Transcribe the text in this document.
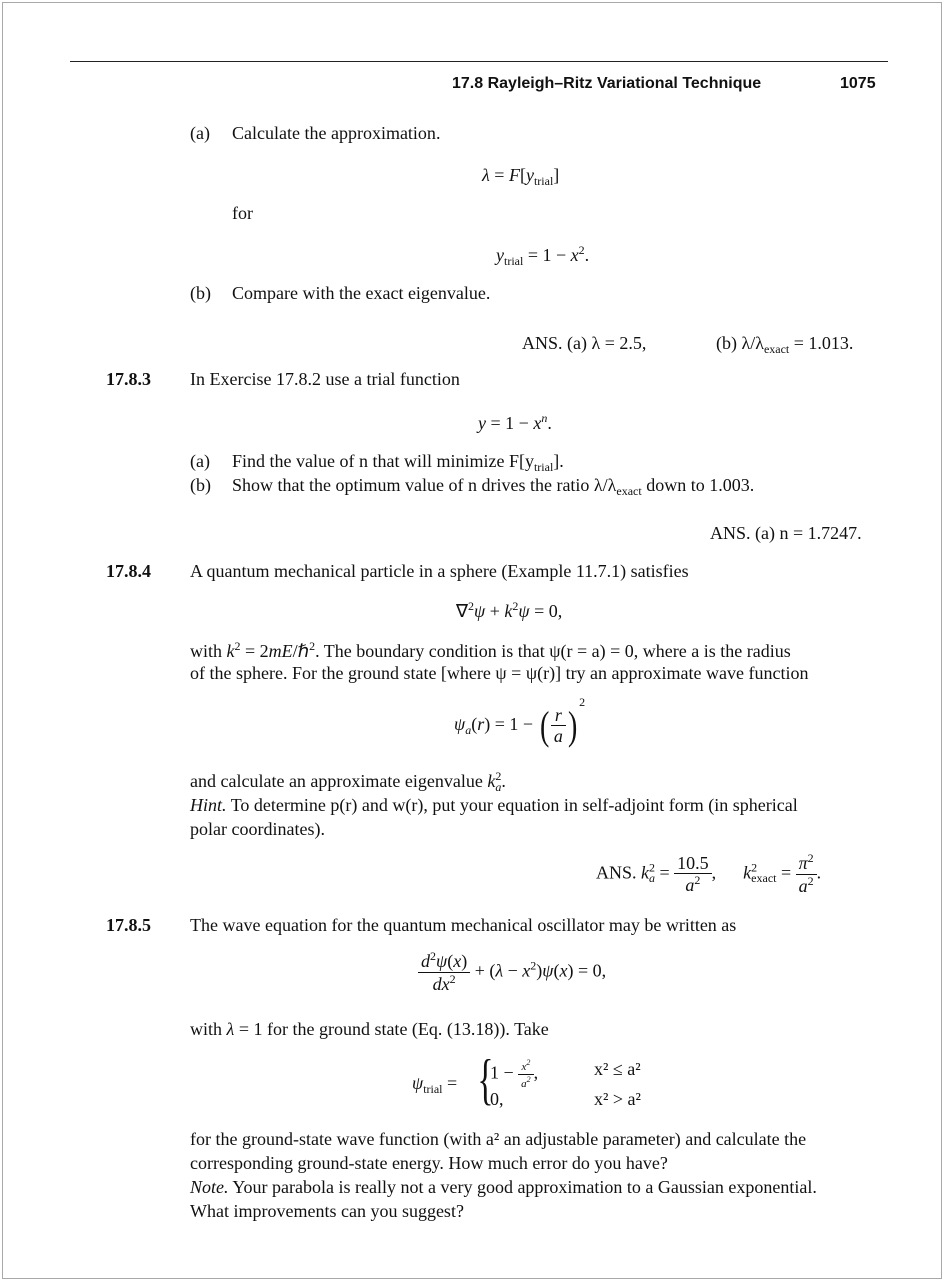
17.8 Rayleigh–Ritz Variational Technique	1075
(a) Calculate the approximation.
$\lambda = F[y_{trial}]$
for
$y_{trial} = 1 - x^2$.
(b) Compare with the exact eigenvalue.
ANS. (a) λ = 2.5,	(b) $\lambda/\lambda_{exact} = 1.013$.
17.8.3 In Exercise 17.8.2 use a trial function
$y = 1 - x^n$.
(a) Find the value of n that will minimize $F[y_{trial}]$.
(b) Show that the optimum value of n drives the ratio $\lambda/\lambda_{exact}$ down to 1.003.
ANS. (a) n = 1.7247.
17.8.4 A quantum mechanical particle in a sphere (Example 11.7.1) satisfies
$\nabla^2\psi + k^2\psi = 0$,
with $k^2$ = 2mE/ℏ$^2$. The boundary condition is that ψ(r = a) = 0, where a is the radius
of the sphere. For the ground state [where ψ = ψ(r)] try an approximate wave function
$\psi_a(r) = 1$ − ( $\frac{r}{a} )^2$
and calculate an approximate eigenvalue $k^2_a$.
Hint. To determine p(r) and w(r), put your equation in self-adjoint form (in spherical
polar coordinates).
ANS. $k^2_a = \frac{10.5}{a^2}$ ,      $k^2_{exact} = \frac{\pi^2}{a^2}$ .
17.8.5 The wave equation for the quantum mechanical oscillator may be written as
$\frac{d^2\psi(x)}{dx^2} + (\lambda - x^2)\psi(x) = 0$,
with λ = 1 for the ground state (Eq. (13.18)). Take
$\psi_{trial}$ = {
$1 - \frac{x^2}{a^2}$ ,	x² ≤ a²
0,	x² > a²
for the ground-state wave function (with a² an adjustable parameter) and calculate the
corresponding ground-state energy. How much error do you have?
Note. Your parabola is really not a very good approximation to a Gaussian exponential.
What improvements can you suggest?
